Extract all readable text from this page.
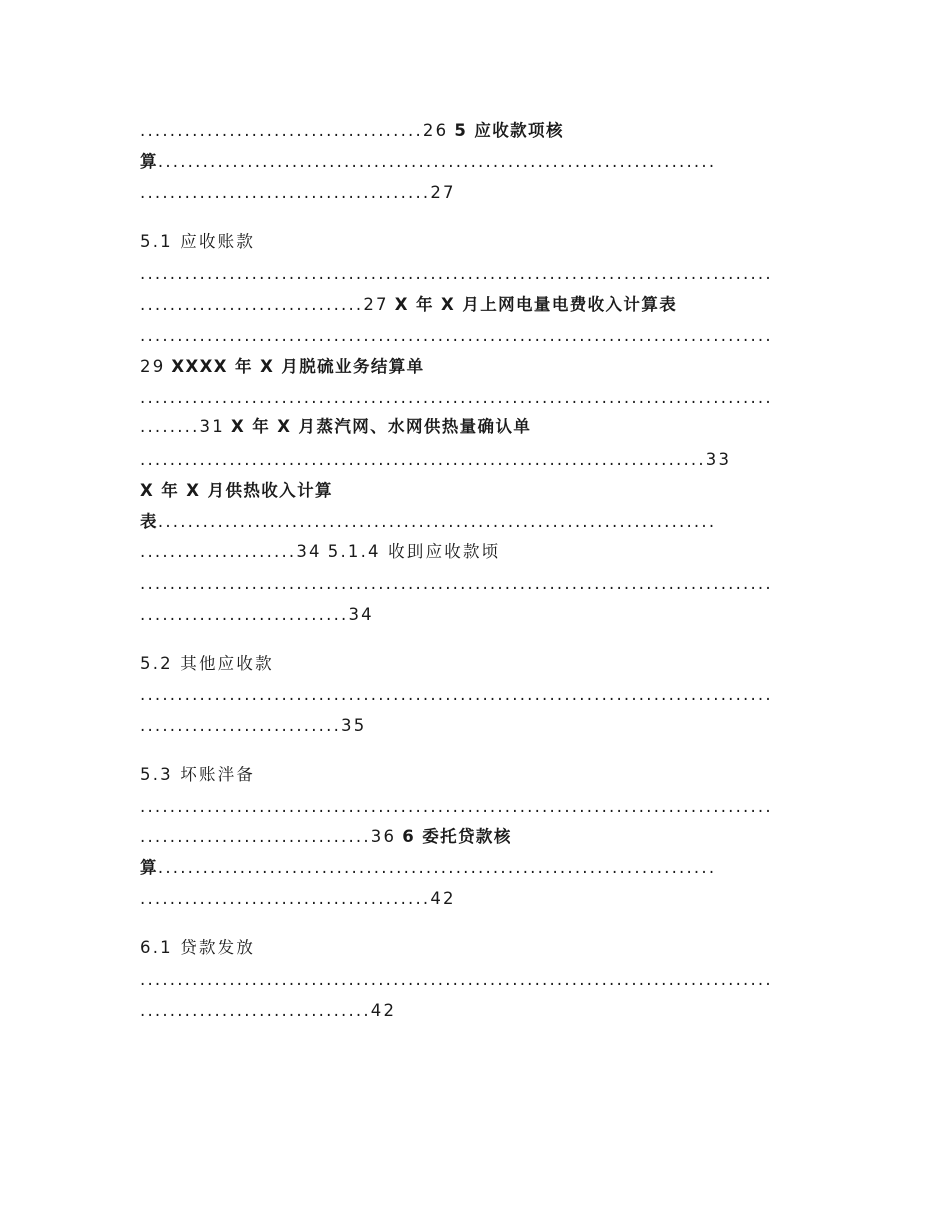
......................................26 5 应收款项核
算...........................................................................
.......................................27
5.1 应收账款
.....................................................................................
..............................27 X 年 X 月上网电量电费收入计算表
.....................................................................................
29 XXXX 年 X 月脱硫业务结算单
.....................................................................................
........31 X 年 X 月蒸汽网、水网供热量确认单
............................................................................33
X 年 X 月供热收入计算
表...........................................................................
.....................34 5.1.4 收刞应收款顷
.....................................................................................
............................34
5.2 其他应收款
.....................................................................................
...........................35
5.3 坏账泮备
.....................................................................................
...............................36 6 委托贷款核
算...........................................................................
.......................................42
6.1 贷款发放
.....................................................................................
...............................42
